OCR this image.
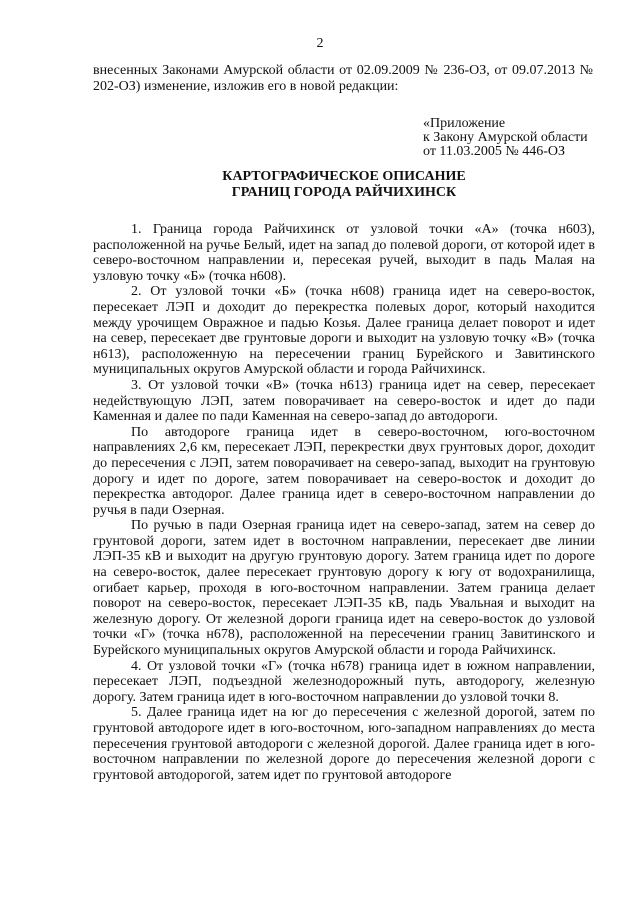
2
внесенных Законами Амурской области от 02.09.2009 № 236-ОЗ, от 09.07.2013 № 202-ОЗ) изменение, изложив его в новой редакции:
«Приложение
к Закону Амурской области
от 11.03.2005 № 446-ОЗ
КАРТОГРАФИЧЕСКОЕ ОПИСАНИЕ
ГРАНИЦ ГОРОДА РАЙЧИХИНСК

1. Граница города Райчихинск от узловой точки «А» (точка н603), расположенной на ручье Белый, идет на запад до полевой дороги, от которой идет в северо-восточном направлении и, пересекая ручей, выходит в падь Малая на узловую точку «Б» (точка н608).

2. От узловой точки «Б» (точка н608) граница идет на северо-восток, пересекает ЛЭП и доходит до перекрестка полевых дорог, который находится между урочищем Овражное и падью Козья. Далее граница делает поворот и идет на север, пересекает две грунтовые дороги и выходит на узловую точку «В» (точка н613), расположенную на пересечении границ Бурейского и Завитинского муниципальных округов Амурской области и города Райчихинск.

3. От узловой точки «В» (точка н613) граница идет на север, пересекает недействующую ЛЭП, затем поворачивает на северо-восток и идет до пади Каменная и далее по пади Каменная на северо-запад до автодороги.

По автодороге граница идет в северо-восточном, юго-восточном направлениях 2,6 км, пересекает ЛЭП, перекрестки двух грунтовых дорог, доходит до пересечения с ЛЭП, затем поворачивает на северо-запад, выходит на грунтовую дорогу и идет по дороге, затем поворачивает на северо-восток и доходит до перекрестка автодорог. Далее граница идет в северо-восточном направлении до ручья в пади Озерная.

По ручью в пади Озерная граница идет на северо-запад, затем на север до грунтовой дороги, затем идет в восточном направлении, пересекает две линии ЛЭП-35 кВ и выходит на другую грунтовую дорогу. Затем граница идет по дороге на северо-восток, далее пересекает грунтовую дорогу к югу от водохранилища, огибает карьер, проходя в юго-восточном направлении. Затем граница делает поворот на северо-восток, пересекает ЛЭП-35 кВ, падь Увальная и выходит на железную дорогу. От железной дороги граница идет на северо-восток до узловой точки «Г» (точка н678), расположенной на пересечении границ Завитинского и Бурейского муниципальных округов Амурской области и города Райчихинск.

4. От узловой точки «Г» (точка н678) граница идет в южном направлении, пересекает ЛЭП, подъездной железнодорожный путь, автодорогу, железную дорогу. Затем граница идет в юго-восточном направлении до узловой точки 8.

5. Далее граница идет на юг до пересечения с железной дорогой, затем по грунтовой автодороге идет в юго-восточном, юго-западном направлениях до места пересечения грунтовой автодороги с железной дорогой. Далее граница идет в юго-восточном направлении по железной дороге до пересечения железной дороги с грунтовой автодорогой, затем идет по грунтовой автодороге
